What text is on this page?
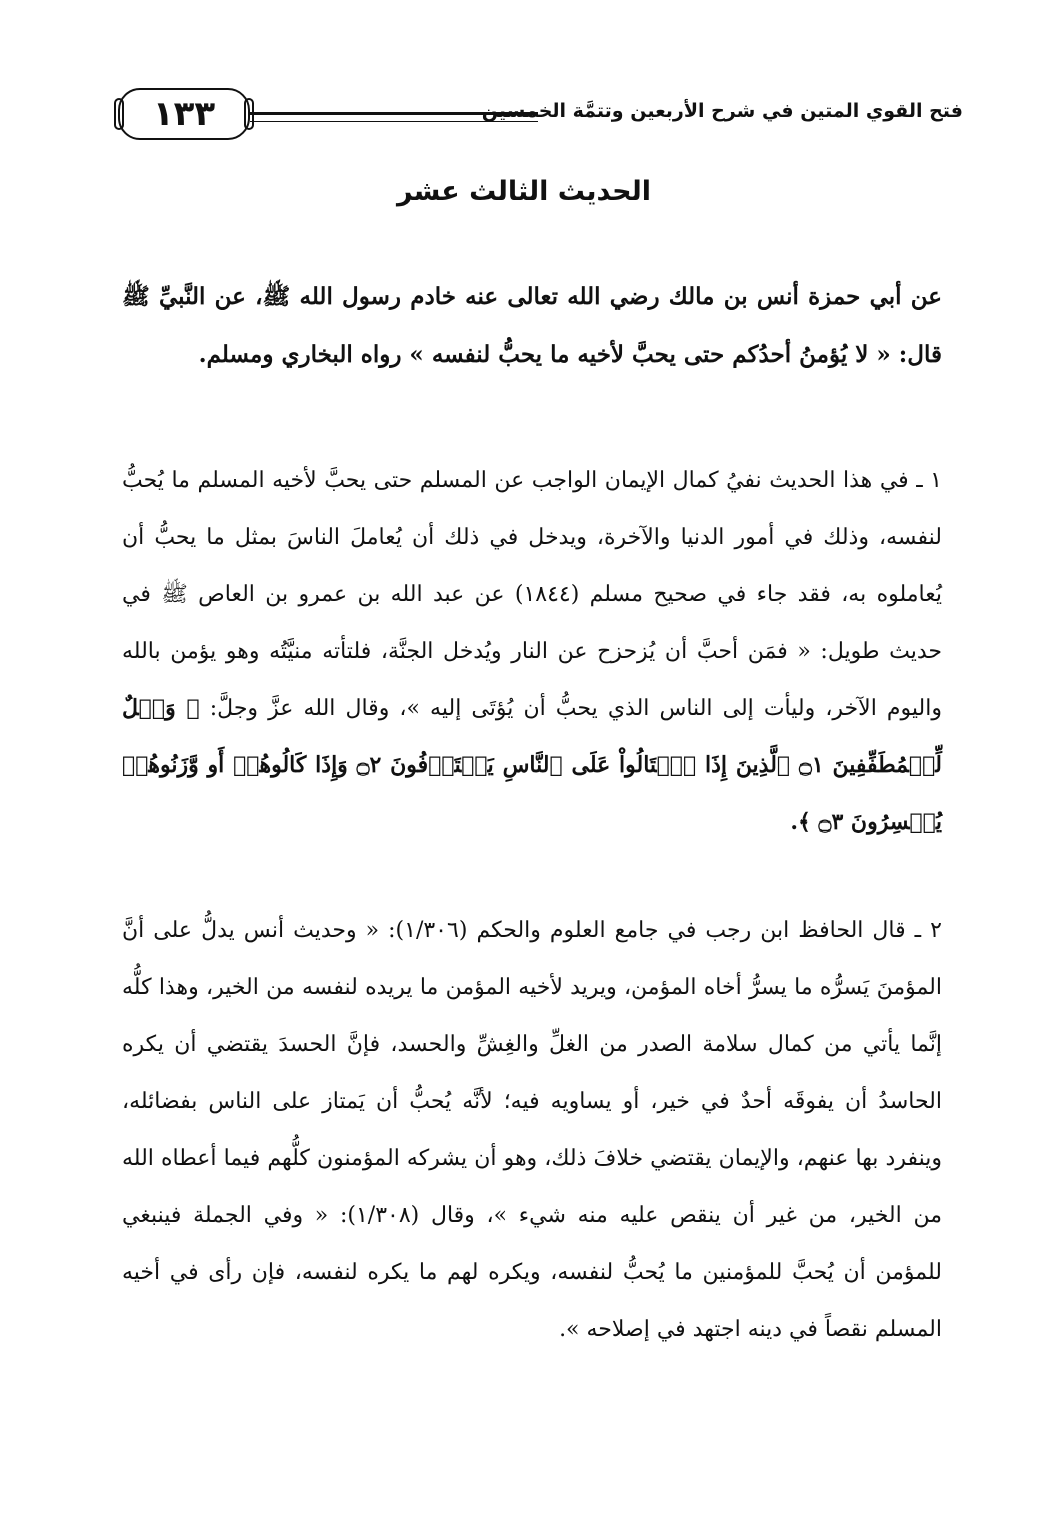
فتح القوي المتين في شرح الأربعين وتتمَّة الخمسين
١٣٣
الحديث الثالث عشر

عن أبي حمزة أنس بن مالك رضي الله تعالى عنه خادم رسول الله ﷺ، عن النَّبيِّ ﷺ قال: « لا يُؤمنُ أحدُكم حتى يحبَّ لأخيه ما يحبُّ لنفسه » رواه البخاري ومسلم.

١ ـ في هذا الحديث نفيُ كمال الإيمان الواجب عن المسلم حتى يحبَّ لأخيه المسلم ما يُحبُّ لنفسه، وذلك في أمور الدنيا والآخرة، ويدخل في ذلك أن يُعاملَ الناسَ بمثل ما يحبُّ أن يُعاملوه به، فقد جاء في صحيح مسلم (١٨٤٤) عن عبد الله بن عمرو بن العاص ﷺ في حديث طويل: « فمَن أحبَّ أن يُزحزح عن النار ويُدخل الجنَّة، فلتأته منيَّتُه وهو يؤمن بالله واليوم الآخر، وليأت إلى الناس الذي يحبُّ أن يُؤتَى إليه »، وقال الله عزَّ وجلَّ: ﴿ وَيۡلٌ لِّلۡمُطَفِّفِينَ ۝١ ٱلَّذِينَ إِذَا ٱكۡتَالُواْ عَلَى ٱلنَّاسِ يَسۡتَوۡفُونَ ۝٢ وَإِذَا كَالُوهُمۡ أَو وَّزَنُوهُمۡ يُخۡسِرُونَ ۝٣ ﴾.

٢ ـ قال الحافظ ابن رجب في جامع العلوم والحكم (١/٣٠٦): « وحديث أنس يدلُّ على أنَّ المؤمنَ يَسرُّه ما يسرُّ أخاه المؤمن، ويريد لأخيه المؤمن ما يريده لنفسه من الخير، وهذا كلُّه إنَّما يأتي من كمال سلامة الصدر من الغلِّ والغِشِّ والحسد، فإنَّ الحسدَ يقتضي أن يكره الحاسدُ أن يفوقَه أحدٌ في خير، أو يساويه فيه؛ لأنَّه يُحبُّ أن يَمتاز على الناس بفضائله، وينفرد بها عنهم، والإيمان يقتضي خلافَ ذلك، وهو أن يشركه المؤمنون كلُّهم فيما أعطاه الله من الخير، من غير أن ينقص عليه منه شيء »، وقال (١/٣٠٨): « وفي الجملة فينبغي للمؤمن أن يُحبَّ للمؤمنين ما يُحبُّ لنفسه، ويكره لهم ما يكره لنفسه، فإن رأى في أخيه المسلم نقصاً في دينه اجتهد في إصلاحه ».
